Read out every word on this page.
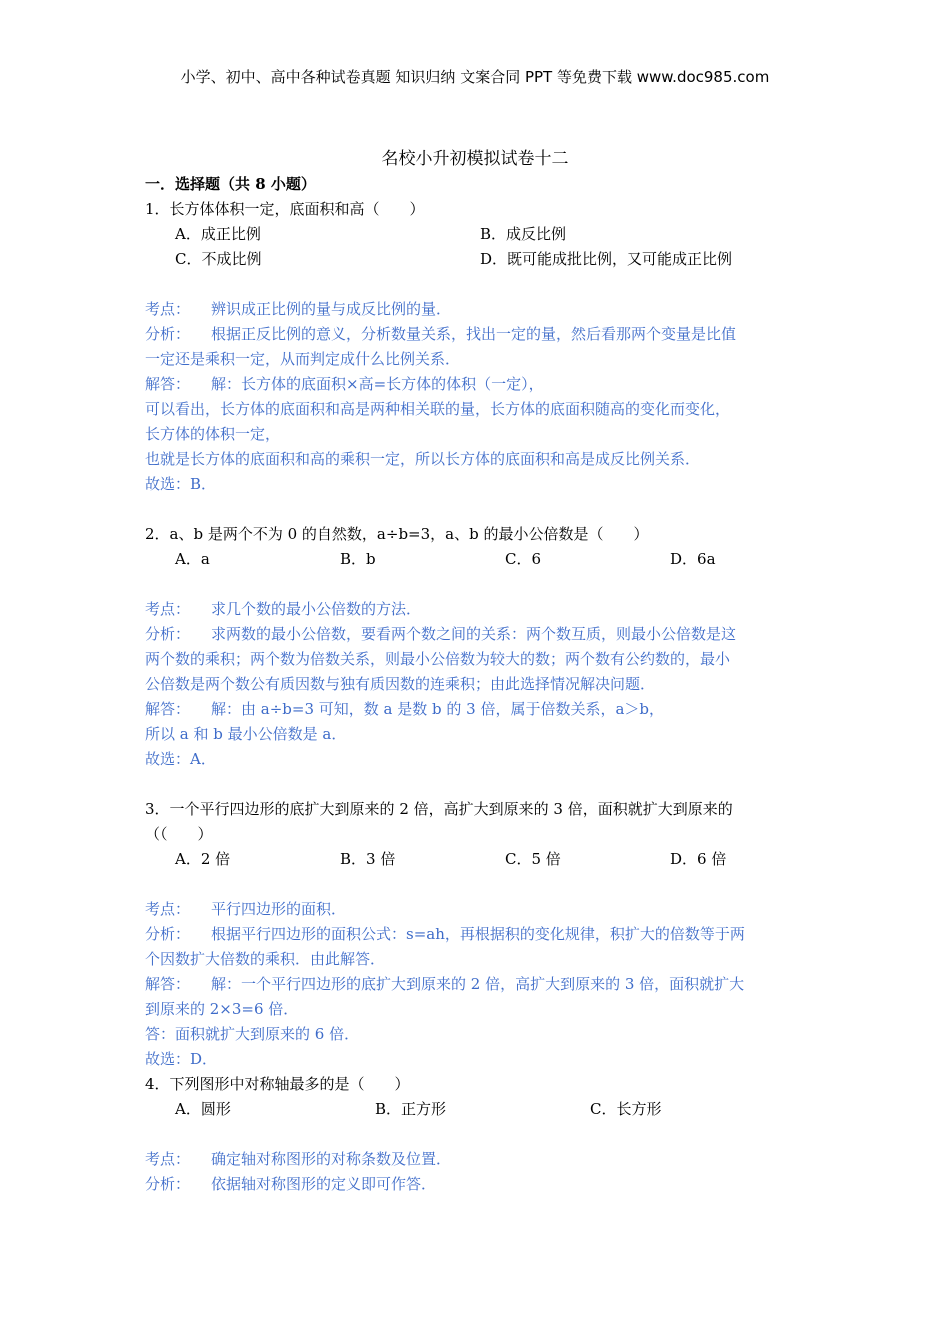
小学、初中、高中各种试卷真题 知识归纳 文案合同 PPT 等免费下载 www.doc985.com
名校小升初模拟试卷十二
一．选择题（共 8 小题）
1．长方体体积一定，底面积和高（　　）
A．成正比例	B．成反比例
C．不成比例	D．既可能成批比例，又可能成正比例
考点： 辨识成正比例的量与成反比例的量．
分析： 根据正反比例的意义，分析数量关系，找出一定的量，然后看那两个变量是比值
一定还是乘积一定，从而判定成什么比例关系．
解答： 解：长方体的底面积×高=长方体的体积（一定），
可以看出，长方体的底面积和高是两种相关联的量，长方体的底面积随高的变化而变化，
长方体的体积一定，
也就是长方体的底面积和高的乘积一定，所以长方体的底面积和高是成反比例关系．
故选：B．
2．a、b 是两个不为 0 的自然数，a÷b=3，a、b 的最小公倍数是（　　）
A．a	B．b	C．6	D．6a
考点： 求几个数的最小公倍数的方法．
分析： 求两数的最小公倍数，要看两个数之间的关系：两个数互质，则最小公倍数是这
两个数的乘积；两个数为倍数关系，则最小公倍数为较大的数；两个数有公约数的，最小
公倍数是两个数公有质因数与独有质因数的连乘积；由此选择情况解决问题．
解答： 解：由 a÷b=3 可知，数 a 是数 b 的 3 倍，属于倍数关系，a＞b，
所以 a 和 b 最小公倍数是 a．
故选：A．
3．一个平行四边形的底扩大到原来的 2 倍，高扩大到原来的 3 倍，面积就扩大到原来的
（（　　）
A．2 倍	B．3 倍	C．5 倍	D．6 倍
考点： 平行四边形的面积．
分析： 根据平行四边形的面积公式：s=ah，再根据积的变化规律，积扩大的倍数等于两
个因数扩大倍数的乘积．由此解答．
解答： 解：一个平行四边形的底扩大到原来的 2 倍，高扩大到原来的 3 倍，面积就扩大
到原来的 2×3=6 倍．
答：面积就扩大到原来的 6 倍．
故选：D．
4．下列图形中对称轴最多的是（　　）
A．圆形	B．正方形	C．长方形
考点： 确定轴对称图形的对称条数及位置．
分析： 依据轴对称图形的定义即可作答．
